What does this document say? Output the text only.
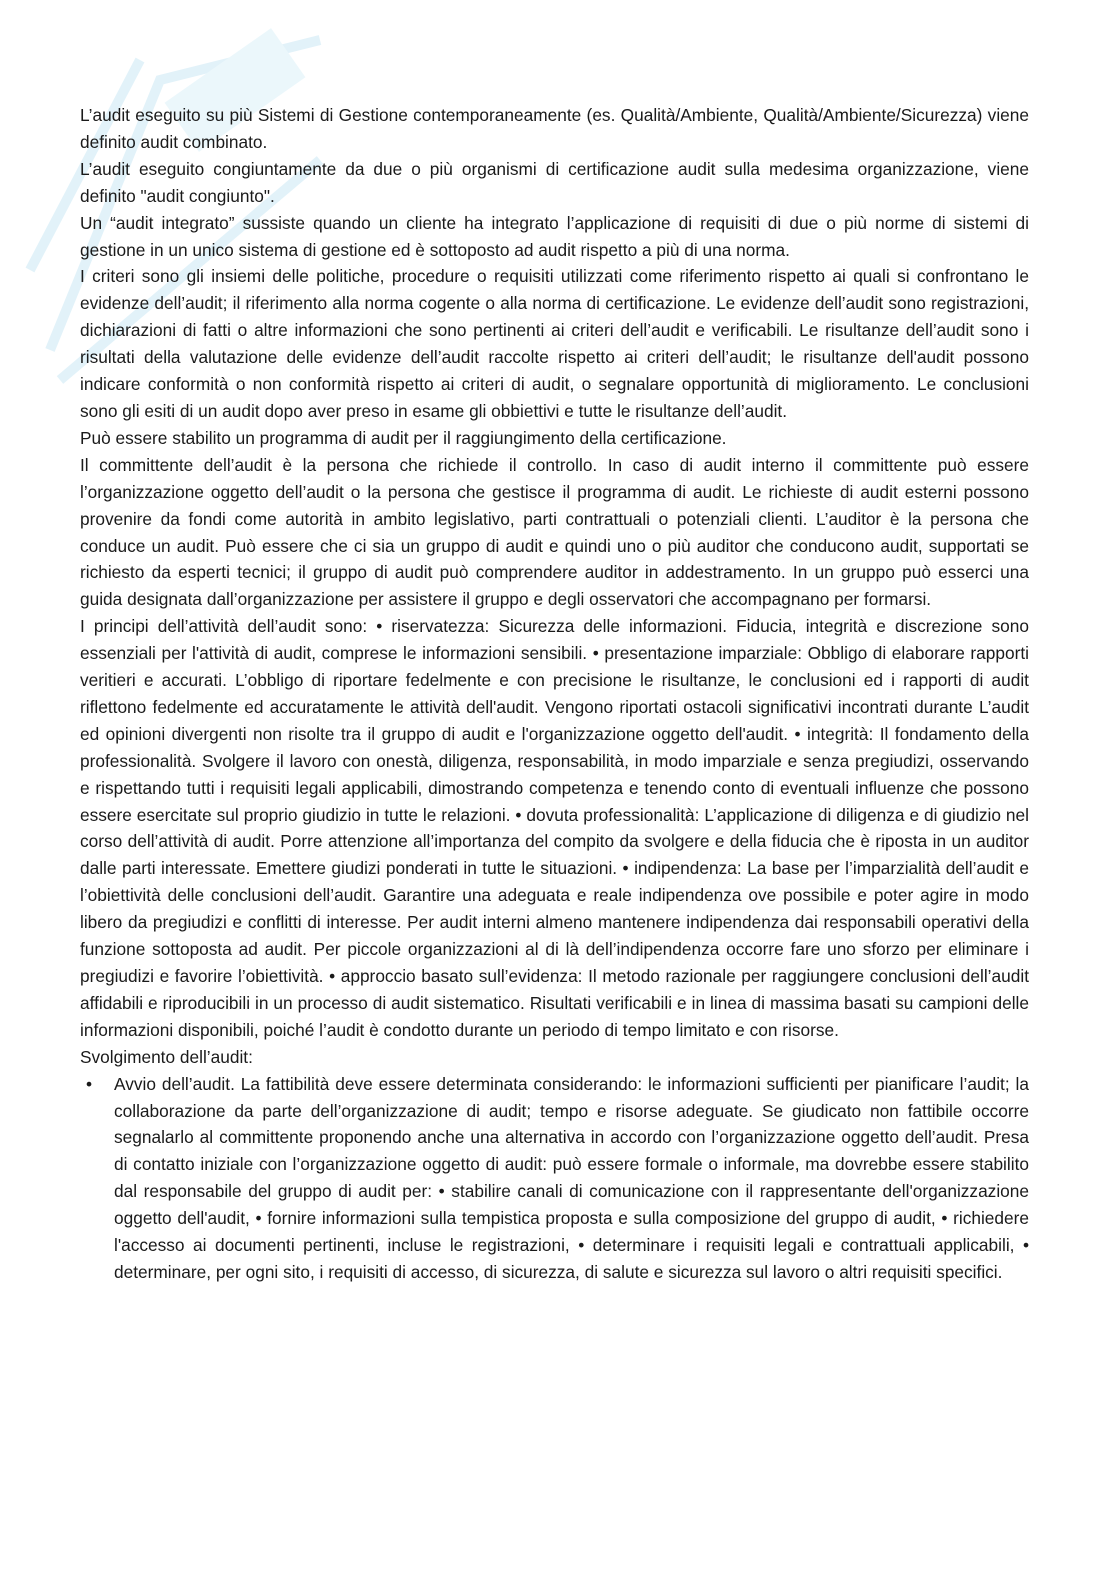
L’audit eseguito su più Sistemi di Gestione contemporaneamente (es. Qualità/Ambiente, Qualità/Ambiente/Sicurezza) viene definito audit combinato.

L’audit eseguito congiuntamente da due o più organismi di certificazione audit sulla medesima organizzazione, viene definito "audit congiunto".

Un “audit integrato” sussiste quando un cliente ha integrato l’applicazione di requisiti di due o più norme di sistemi di gestione in un unico sistema di gestione ed è sottoposto ad audit rispetto a più di una norma.

I criteri sono gli insiemi delle politiche, procedure o requisiti utilizzati come riferimento rispetto ai quali si confrontano le evidenze dell’audit; il riferimento alla norma cogente o alla norma di certificazione. Le evidenze dell’audit sono registrazioni, dichiarazioni di fatti o altre informazioni che sono pertinenti ai criteri dell’audit e verificabili. Le risultanze dell’audit sono i risultati della valutazione delle evidenze dell’audit raccolte rispetto ai criteri dell’audit; le risultanze dell'audit possono indicare conformità o non conformità rispetto ai criteri di audit, o segnalare opportunità di miglioramento. Le conclusioni sono gli esiti di un audit dopo aver preso in esame gli obbiettivi e tutte le risultanze dell’audit.

Può essere stabilito un programma di audit per il raggiungimento della certificazione.

Il committente dell’audit è la persona che richiede il controllo. In caso di audit interno il committente può essere l’organizzazione oggetto dell’audit o la persona che gestisce il programma di audit. Le richieste di audit esterni possono provenire da fondi come autorità in ambito legislativo, parti contrattuali o potenziali clienti. L’auditor è la persona che conduce un audit. Può essere che ci sia un gruppo di audit e quindi uno o più auditor che conducono audit, supportati se richiesto da esperti tecnici; il gruppo di audit può comprendere auditor in addestramento. In un gruppo può esserci una guida designata dall’organizzazione per assistere il gruppo e degli osservatori che accompagnano per formarsi.

I principi dell’attività dell’audit sono: • riservatezza: Sicurezza delle informazioni. Fiducia, integrità e discrezione sono essenziali per l'attività di audit, comprese le informazioni sensibili. • presentazione imparziale: Obbligo di elaborare rapporti veritieri e accurati. L’obbligo di riportare fedelmente e con precisione le risultanze, le conclusioni ed i rapporti di audit riflettono fedelmente ed accuratamente le attività dell'audit. Vengono riportati ostacoli significativi incontrati durante L’audit ed opinioni divergenti non risolte tra il gruppo di audit e l'organizzazione oggetto dell'audit. • integrità: Il fondamento della professionalità. Svolgere il lavoro con onestà, diligenza, responsabilità, in modo imparziale e senza pregiudizi, osservando e rispettando tutti i requisiti legali applicabili, dimostrando competenza e tenendo conto di eventuali influenze che possono essere esercitate sul proprio giudizio in tutte le relazioni. • dovuta professionalità: L’applicazione di diligenza e di giudizio nel corso dell’attività di audit. Porre attenzione all’importanza del compito da svolgere e della fiducia che è riposta in un auditor dalle parti interessate. Emettere giudizi ponderati in tutte le situazioni. • indipendenza: La base per l’imparzialità dell’audit e l’obiettività delle conclusioni dell’audit. Garantire una adeguata e reale indipendenza ove possibile e poter agire in modo libero da pregiudizi e conflitti di interesse. Per audit interni almeno mantenere indipendenza dai responsabili operativi della funzione sottoposta ad audit. Per piccole organizzazioni al di là dell’indipendenza occorre fare uno sforzo per eliminare i pregiudizi e favorire l’obiettività. • approccio basato sull’evidenza: Il metodo razionale per raggiungere conclusioni dell’audit affidabili e riproducibili in un processo di audit sistematico. Risultati verificabili e in linea di massima basati su campioni delle informazioni disponibili, poiché l’audit è condotto durante un periodo di tempo limitato e con risorse.

Svolgimento dell’audit:

• Avvio dell’audit. La fattibilità deve essere determinata considerando: le informazioni sufficienti per pianificare l’audit; la collaborazione da parte dell’organizzazione di audit; tempo e risorse adeguate. Se giudicato non fattibile occorre segnalarlo al committente proponendo anche una alternativa in accordo con l’organizzazione oggetto dell’audit. Presa di contatto iniziale con l’organizzazione oggetto di audit: può essere formale o informale, ma dovrebbe essere stabilito dal responsabile del gruppo di audit per: • stabilire canali di comunicazione con il rappresentante dell'organizzazione oggetto dell'audit, • fornire informazioni sulla tempistica proposta e sulla composizione del gruppo di audit, • richiedere l'accesso ai documenti pertinenti, incluse le registrazioni, • determinare i requisiti legali e contrattuali applicabili, • determinare, per ogni sito, i requisiti di accesso, di sicurezza, di salute e sicurezza sul lavoro o altri requisiti specifici.
